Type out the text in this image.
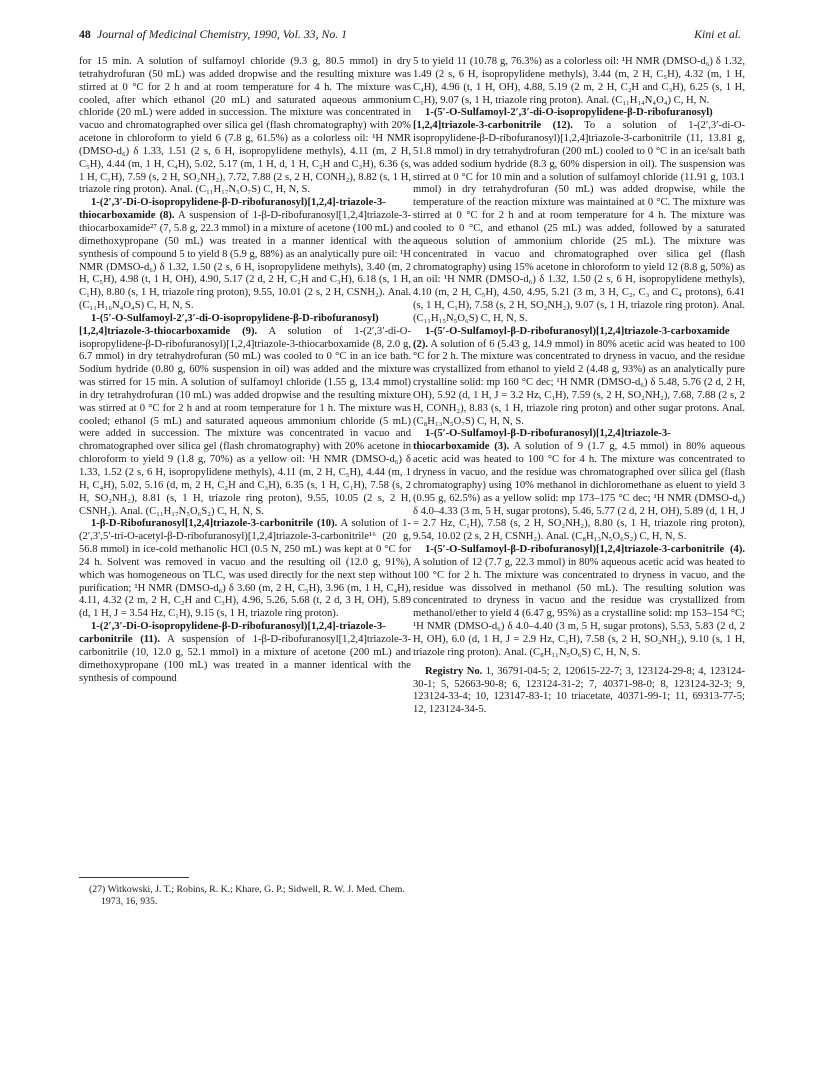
48 Journal of Medicinal Chemistry, 1990, Vol. 33, No. 1	Kini et al.

for 15 min. A solution of sulfamoyl chloride (9.3 g, 80.5 mmol) in dry tetrahydrofuran (50 mL) was added dropwise and the resulting mixture was stirred at 0 °C for 2 h and at room temperature for 4 h. The mixture was cooled, after which ethanol (20 mL) and saturated aqueous ammonium chloride (20 mL) were added in succession. The mixture was concentrated in vacuo and chromatographed over silica gel (flash chromatography) with 20% acetone in chloroform to yield 6 (7.8 g, 61.5%) as a colorless oil: ¹H NMR (DMSO-d₆) δ 1.33, 1.51 (2 s, 6 H, isopropylidene methyls), 4.11 (m, 2 H, C₅H), 4.44 (m, 1 H, C₄H), 5.02, 5.17 (m, 1 H, d, 1 H, C₂H and C₃H), 6.36 (s, 1 H, C₁H), 7.59 (s, 2 H, SO₂NH₂), 7.72, 7.88 (2 s, 2 H, CONH₂), 8.82 (s, 1 H, triazole ring proton). Anal. (C₁₁H₁₇N₅O₇S) C, H, N, S.

1-(2′,3′-Di-O-isopropylidene-β-D-ribofuranosyl)[1,2,4]-triazole-3-thiocarboxamide (8). A suspension of 1-β-D-ribofuranosyl[1,2,4]triazole-3-thiocarboxamide²⁷ (7, 5.8 g, 22.3 mmol) in a mixture of acetone (100 mL) and dimethoxypropane (50 mL) was treated in a manner identical with the synthesis of compound 5 to yield 8 (5.9 g, 88%) as an analytically pure oil: ¹H NMR (DMSO-d₆) δ 1.32, 1.50 (2 s, 6 H, isopropylidene methyls), 3.40 (m, 2 H, C₅H), 4.98 (t, 1 H, OH), 4.90, 5.17 (2 d, 2 H, C₂H and C₃H), 6.18 (s, 1 H, C₁H), 8.80 (s, 1 H, triazole ring proton), 9.55, 10.01 (2 s, 2 H, CSNH₂). Anal. (C₁₁H₁₆N₄O₄S) C, H, N, S.

1-(5′-O-Sulfamoyl-2′,3′-di-O-isopropylidene-β-D-ribofuranosyl)[1,2,4]triazole-3-thiocarboxamide (9). A solution of 1-(2′,3′-di-O-isopropylidene-β-D-ribofuranosyl)[1,2,4]triazole-3-thiocarboxamide (8, 2.0 g, 6.7 mmol) in dry tetrahydrofuran (50 mL) was cooled to 0 °C in an ice bath. Sodium hydride (0.80 g, 60% suspension in oil) was added and the mixture was stirred for 15 min. A solution of sulfamoyl chloride (1.55 g, 13.4 mmol) in dry tetrahydrofuran (10 mL) was added dropwise and the resulting mixture was stirred at 0 °C for 2 h and at room temperature for 1 h. The mixture was cooled; ethanol (5 mL) and saturated aqueous ammonium chloride (5 mL) were added in succession. The mixture was concentrated in vacuo and chromatographed over silica gel (flash chromatography) with 20% acetone in chloroform to yield 9 (1.8 g, 70%) as a yellow oil: ¹H NMR (DMSO-d₆) δ 1.33, 1.52 (2 s, 6 H, isopropylidene methyls), 4.11 (m, 2 H, C₅H), 4.44 (m, 1 H, C₄H), 5.02, 5.16 (d, m, 2 H, C₂H and C₃H), 6.35 (s, 1 H, C₁H), 7.58 (s, 2 H, SO₂NH₂), 8.81 (s, 1 H, triazole ring proton), 9.55, 10.05 (2 s, 2 H, CSNH₂). Anal. (C₁₁H₁₇N₅O₆S₂) C, H, N, S.

1-β-D-Ribofuranosyl[1,2,4]triazole-3-carbonitrile (10). A solution of 1-(2′,3′,5′-tri-O-acetyl-β-D-ribofuranosyl)[1,2,4]triazole-3-carbonitrile¹⁶ (20 g, 56.8 mmol) in ice-cold methanolic HCl (0.5 N, 250 mL) was kept at 0 °C for 24 h. Solvent was removed in vacuo and the resulting oil (12.0 g, 91%), which was homogeneous on TLC, was used directly for the next step without purification; ¹H NMR (DMSO-d₆) δ 3.60 (m, 2 H, C₅H), 3.96 (m, 1 H, C₄H), 4.11, 4.32 (2 m, 2 H, C₂H and C₃H), 4.96, 5.26, 5.68 (t, 2 d, 3 H, OH), 5.89 (d, 1 H, J = 3.54 Hz, C₁H), 9.15 (s, 1 H, triazole ring proton).

1-(2′,3′-Di-O-isopropylidene-β-D-ribofuranosyl)[1,2,4]-triazole-3-carbonitrile (11). A suspension of 1-β-D-ribofuranosyl[1,2,4]triazole-3-carbonitrile (10, 12.0 g, 52.1 mmol) in a mixture of acetone (200 mL) and dimethoxypropane (100 mL) was treated in a manner identical with the synthesis of compound

(27) Witkowski, J. T.; Robins, R. K.; Khare, G. P.; Sidwell, R. W. J. Med. Chem. 1973, 16, 935.

5 to yield 11 (10.78 g, 76.3%) as a colorless oil: ¹H NMR (DMSO-d₆) δ 1.32, 1.49 (2 s, 6 H, isopropylidene methyls), 3.44 (m, 2 H, C₅H), 4.32 (m, 1 H, C₄H), 4.96 (t, 1 H, OH), 4.88, 5.19 (2 m, 2 H, C₂H and C₃H), 6.25 (s, 1 H, C₁H), 9.07 (s, 1 H, triazole ring proton). Anal. (C₁₁H₁₄N₄O₄) C, H, N.

1-(5′-O-Sulfamoyl-2′,3′-di-O-isopropylidene-β-D-ribofuranosyl)[1,2,4]triazole-3-carbonitrile (12). To a solution of 1-(2′,3′-di-O-isopropylidene-β-D-ribofuranosyl)[1,2,4]triazole-3-carbonitrile (11, 13.81 g, 51.8 mmol) in dry tetrahydrofuran (200 mL) cooled to 0 °C in an ice/salt bath was added sodium hydride (8.3 g, 60% dispersion in oil). The suspension was stirred at 0 °C for 10 min and a solution of sulfamoyl chloride (11.91 g, 103.1 mmol) in dry tetrahydrofuran (50 mL) was added dropwise, while the temperature of the reaction mixture was maintained at 0 °C. The mixture was stirred at 0 °C for 2 h and at room temperature for 4 h. The mixture was cooled to 0 °C, and ethanol (25 mL) was added, followed by a saturated aqueous solution of ammonium chloride (25 mL). The mixture was concentrated in vacuo and chromatographed over silica gel (flash chromatography) using 15% acetone in chloroform to yield 12 (8.8 g, 50%) as an oil: ¹H NMR (DMSO-d₆) δ 1.32, 1.50 (2 s, 6 H, isopropylidene methyls), 4.10 (m, 2 H, C₅H), 4.50, 4.95, 5.21 (3 m, 3 H, C₂, C₃ and C₄ protons), 6.41 (s, 1 H, C₁H), 7.58 (s, 2 H, SO₂NH₂), 9.07 (s, 1 H, triazole ring proton). Anal. (C₁₁H₁₅N₅O₆S) C, H, N, S.

1-(5′-O-Sulfamoyl-β-D-ribofuranosyl)[1,2,4]triazole-3-carboxamide (2). A solution of 6 (5.43 g, 14.9 mmol) in 80% acetic acid was heated to 100 °C for 2 h. The mixture was concentrated to dryness in vacuo, and the residue was crystallized from ethanol to yield 2 (4.48 g, 93%) as an analytically pure crystalline solid: mp 160 °C dec; ¹H NMR (DMSO-d₆) δ 5.48, 5.76 (2 d, 2 H, OH), 5.92 (d, 1 H, J = 3.2 Hz, C₁H), 7.59 (s, 2 H, SO₂NH₂), 7.68, 7.88 (2 s, 2 H, CONH₂), 8.83 (s, 1 H, triazole ring proton) and other sugar protons. Anal. (C₈H₁₃N₅O₇S) C, H, N, S.

1-(5′-O-Sulfamoyl-β-D-ribofuranosyl)[1,2,4]triazole-3-thiocarboxamide (3). A solution of 9 (1.7 g, 4.5 mmol) in 80% aqueous acetic acid was heated to 100 °C for 4 h. The mixture was concentrated to dryness in vacuo, and the residue was chromatographed over silica gel (flash chromatography) using 10% methanol in dichloromethane as eluent to yield 3 (0.95 g, 62.5%) as a yellow solid: mp 173–175 °C dec; ¹H NMR (DMSO-d₆) δ 4.0–4.33 (3 m, 5 H, sugar protons), 5.46, 5.77 (2 d, 2 H, OH), 5.89 (d, 1 H, J = 2.7 Hz, C₁H), 7.58 (s, 2 H, SO₂NH₂), 8.80 (s, 1 H, triazole ring proton), 9.54, 10.02 (2 s, 2 H, CSNH₂). Anal. (C₈H₁₃N₅O₆S₂) C, H, N, S.

1-(5′-O-Sulfamoyl-β-D-ribofuranosyl)[1,2,4]triazole-3-carbonitrile (4). A solution of 12 (7.7 g, 22.3 mmol) in 80% aqueous acetic acid was heated to 100 °C for 2 h. The mixture was concentrated to dryness in vacuo, and the residue was dissolved in methanol (50 mL). The resulting solution was concentrated to dryness in vacuo and the residue was crystallized from methanol/ether to yield 4 (6.47 g, 95%) as a crystalline solid: mp 153–154 °C; ¹H NMR (DMSO-d₆) δ 4.0–4.40 (3 m, 5 H, sugar protons), 5.53, 5.83 (2 d, 2 H, OH), 6.0 (d, 1 H, J = 2.9 Hz, C₁H), 7.58 (s, 2 H, SO₂NH₂), 9.10 (s, 1 H, triazole ring proton). Anal. (C₈H₁₁N₅O₆S) C, H, N, S.

Registry No. 1, 36791-04-5; 2, 120615-22-7; 3, 123124-29-8; 4, 123124-30-1; 5, 52663-90-8; 6, 123124-31-2; 7, 40371-98-0; 8, 123124-32-3; 9, 123124-33-4; 10, 123147-83-1; 10 triacetate, 40371-99-1; 11, 69313-77-5; 12, 123124-34-5.
